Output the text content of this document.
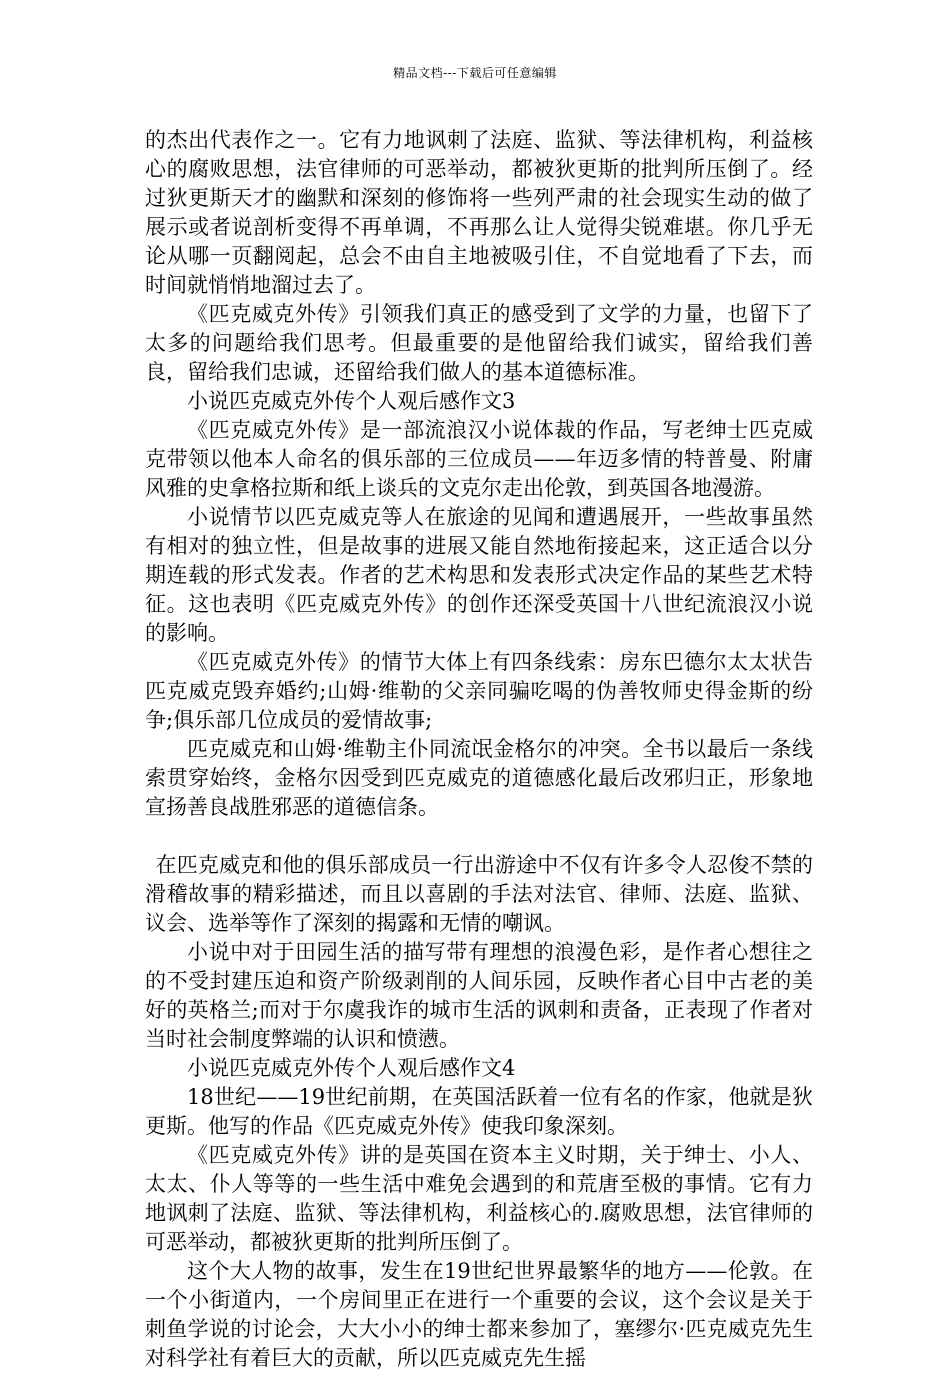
精品文档---下载后可任意编辑

的杰出代表作之一。它有力地讽刺了法庭、监狱、等法律机构，利益核心的腐败思想，法官律师的可恶举动，都被狄更斯的批判所压倒了。经过狄更斯天才的幽默和深刻的修饰将一些列严肃的社会现实生动的做了展示或者说剖析变得不再单调，不再那么让人觉得尖锐难堪。你几乎无论从哪一页翻阅起，总会不由自主地被吸引住，不自觉地看了下去，而时间就悄悄地溜过去了。

《匹克威克外传》引领我们真正的感受到了文学的力量，也留下了太多的问题给我们思考。但最重要的是他留给我们诚实，留给我们善良，留给我们忠诚，还留给我们做人的基本道德标准。

小说匹克威克外传个人观后感作文3

《匹克威克外传》是一部流浪汉小说体裁的作品，写老绅士匹克威克带领以他本人命名的俱乐部的三位成员——年迈多情的特普曼、附庸风雅的史拿格拉斯和纸上谈兵的文克尔走出伦敦，到英国各地漫游。

小说情节以匹克威克等人在旅途的见闻和遭遇展开，一些故事虽然有相对的独立性，但是故事的进展又能自然地衔接起来，这正适合以分期连载的形式发表。作者的艺术构思和发表形式决定作品的某些艺术特征。这也表明《匹克威克外传》的创作还深受英国十八世纪流浪汉小说的影响。

《匹克威克外传》的情节大体上有四条线索：房东巴德尔太太状告匹克威克毁弃婚约;山姆·维勒的父亲同骗吃喝的伪善牧师史得金斯的纷争;俱乐部几位成员的爱情故事;

匹克威克和山姆·维勒主仆同流氓金格尔的冲突。全书以最后一条线索贯穿始终，金格尔因受到匹克威克的道德感化最后改邪归正，形象地宣扬善良战胜邪恶的道德信条。

在匹克威克和他的俱乐部成员一行出游途中不仅有许多令人忍俊不禁的滑稽故事的精彩描述，而且以喜剧的手法对法官、律师、法庭、监狱、议会、选举等作了深刻的揭露和无情的嘲讽。

小说中对于田园生活的描写带有理想的浪漫色彩，是作者心想往之的不受封建压迫和资产阶级剥削的人间乐园，反映作者心目中古老的美好的英格兰;而对于尔虞我诈的城市生活的讽刺和责备，正表现了作者对当时社会制度弊端的认识和愤懑。

小说匹克威克外传个人观后感作文4

18世纪——19世纪前期，在英国活跃着一位有名的作家，他就是狄更斯。他写的作品《匹克威克外传》使我印象深刻。

《匹克威克外传》讲的是英国在资本主义时期，关于绅士、小人、太太、仆人等等的一些生活中难免会遇到的和荒唐至极的事情。它有力地讽刺了法庭、监狱、等法律机构，利益核心的.腐败思想，法官律师的可恶举动，都被狄更斯的批判所压倒了。

这个大人物的故事，发生在19世纪世界最繁华的地方——伦敦。在一个小街道内，一个房间里正在进行一个重要的会议，这个会议是关于刺鱼学说的讨论会，大大小小的绅士都来参加了，塞缪尔·匹克威克先生对科学社有着巨大的贡献，所以匹克威克先生摇
